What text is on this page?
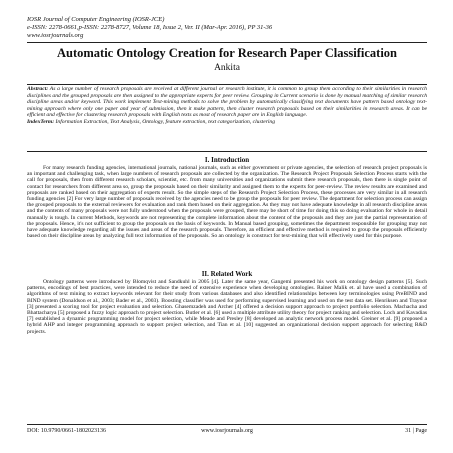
IOSR Journal of Computer Engineering (IOSR-JCE)
e-ISSN: 2278-0661,p-ISSN: 2278-8727, Volume 18, Issue 2, Ver. II (Mar-Apr. 2016), PP 31-36
www.iosrjournals.org
Automatic Ontology Creation for Research Paper Classification
Ankita
Abstract: As a large number of research proposals are received at different journal or research institute, it is common to group them according to their similarities in research disciplines and the grouped proposals are then assigned to the appropriate experts for peer review. Grouping in Current scenario is done by manual matching of similar research discipline areas and/or keyword. This work implement Text-mining methods to solve the problem by automatically classifying text documents have pattern based ontology text-mining approach where only one paper and year of submission, then it make pattern, then cluster research proposals based on their similarities in research areas. It can be efficient and effective for clustering research proposals with English texts as most of research paper are in English language.
IndexTerm: Information Extraction, Text Analysis, Ontology, feature extraction, text categorization, clustering
I. Introduction
For many research funding agencies, international journals, national journals, such as either government or private agencies, the selection of research project proposals is an important and challenging task, when large numbers of research proposals are collected by the organization. The Research Project Proposals Selection Process starts with the call for proposals, then from different research scholars, scientist, etc. from many universities and organizations submit there research proposals, then there is single point of contact for researchers from different area so, group the proposals based on their similarity and assigned them to the experts for peer-review. The review results are examined and proposals are ranked based on their aggregation of experts result. So the simple steps of the Research Project Selection Process, these processes are very similar in all research funding agencies [2] For very large number of proposals received by the agencies need to be group the proposals for peer review. The department for selection process can assign the grouped proposals to the external reviewers for evaluation and rank them based on their aggregation. As they may not have adequate knowledge in all research discipline areas and the contents of many proposals were not fully understood when the proposals were grouped, there may be short of time for doing this so doing evaluation for whole in detail manually is tough. In current Methods, keywords are not representing the complete information about the content of the proposals and they are just the partial representation of the proposals. Hence, it's not sufficient to group the proposals on the basis of keywords. In Manual based grouping, sometimes the department responsible for grouping may not have adequate knowledge regarding all the issues and areas of the research proposals. Therefore, an efficient and effective method is required to group the proposals efficiently based on their discipline areas by analyzing full text information of the proposals. So an ontology is construct for text-mining that will effectively used for this purpose.
II. Related Work
Ontology patterns were introduced by Blomqvist and Sandkuhl in 2005 [4]. Later the same year, Gangemi presented his work on ontology design patterns [5]. Such patterns, encodings of best practices, were intended to reduce the need of extensive experience when developing ontologies. Rainer Malik et. al have used a combination of algorithms of text mining to extract keywords relevant for their study from various databases and also identified relationships between key terminologies using PreBIND and BIND system (Donaldson et al., 2003; Bader et al., 2003). Boosting classifier was used for performing supervised learning and used on the test data set. Henriksen and Traynor [3] presented a scoring tool for project evaluation and selection. Ghasemzadeh and Archer [4] offered a decision support approach to project portfolio selection. Machacha and Bhattacharya [5] proposed a fuzzy logic approach to project selection. Butler et al. [6] used a multiple attribute utility theory for project ranking and selection. Loch and Kavadias [7] established a dynamic programming model for project selection, while Meade and Presley [8] developed an analytic network process model. Greiner et al. [9] proposed a hybrid AHP and integer programming approach to support project selection, and Tian et al. [10] suggested an organizational decision support approach for selecting R&D projects.
DOI: 10.9790/0661-1802023136	www.iosrjournals.org	31 | Page
